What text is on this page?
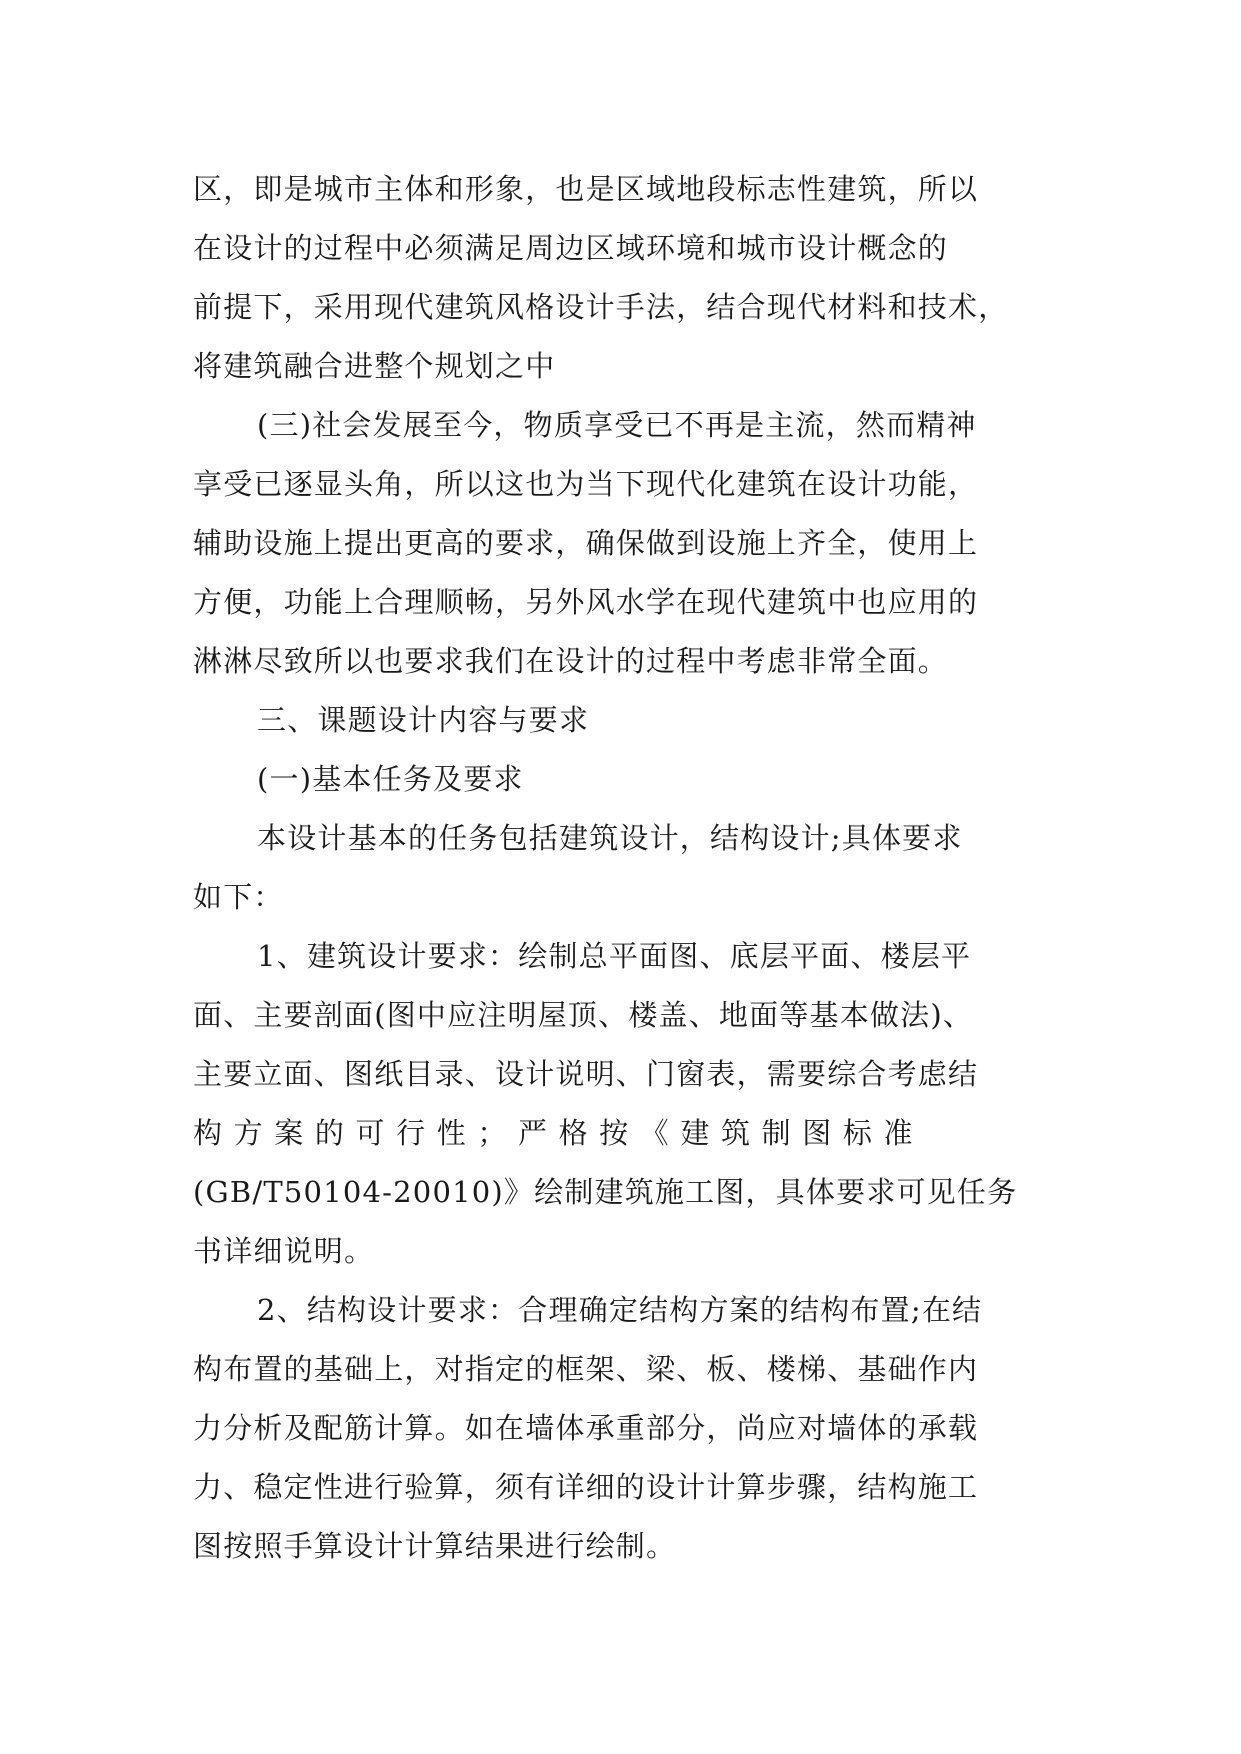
区，即是城市主体和形象，也是区域地段标志性建筑，所以
在设计的过程中必须满足周边区域环境和城市设计概念的
前提下，采用现代建筑风格设计手法，结合现代材料和技术，
将建筑融合进整个规划之中
(三)社会发展至今，物质享受已不再是主流，然而精神
享受已逐显头角，所以这也为当下现代化建筑在设计功能，
辅助设施上提出更高的要求，确保做到设施上齐全，使用上
方便，功能上合理顺畅，另外风水学在现代建筑中也应用的
淋淋尽致所以也要求我们在设计的过程中考虑非常全面。
三、课题设计内容与要求
(一)基本任务及要求
本设计基本的任务包括建筑设计，结构设计;具体要求
如下：
1、建筑设计要求：绘制总平面图、底层平面、楼层平
面、主要剖面(图中应注明屋顶、楼盖、地面等基本做法)、
主要立面、图纸目录、设计说明、门窗表，需要综合考虑结
构 方 案 的 可 行 性 ； 严 格 按 《 建 筑 制 图 标 准
(GB/T50104-20010)》绘制建筑施工图，具体要求可见任务
书详细说明。
2、结构设计要求：合理确定结构方案的结构布置;在结
构布置的基础上，对指定的框架、梁、板、楼梯、基础作内
力分析及配筋计算。如在墙体承重部分，尚应对墙体的承载
力、稳定性进行验算，须有详细的设计计算步骤，结构施工
图按照手算设计计算结果进行绘制。
